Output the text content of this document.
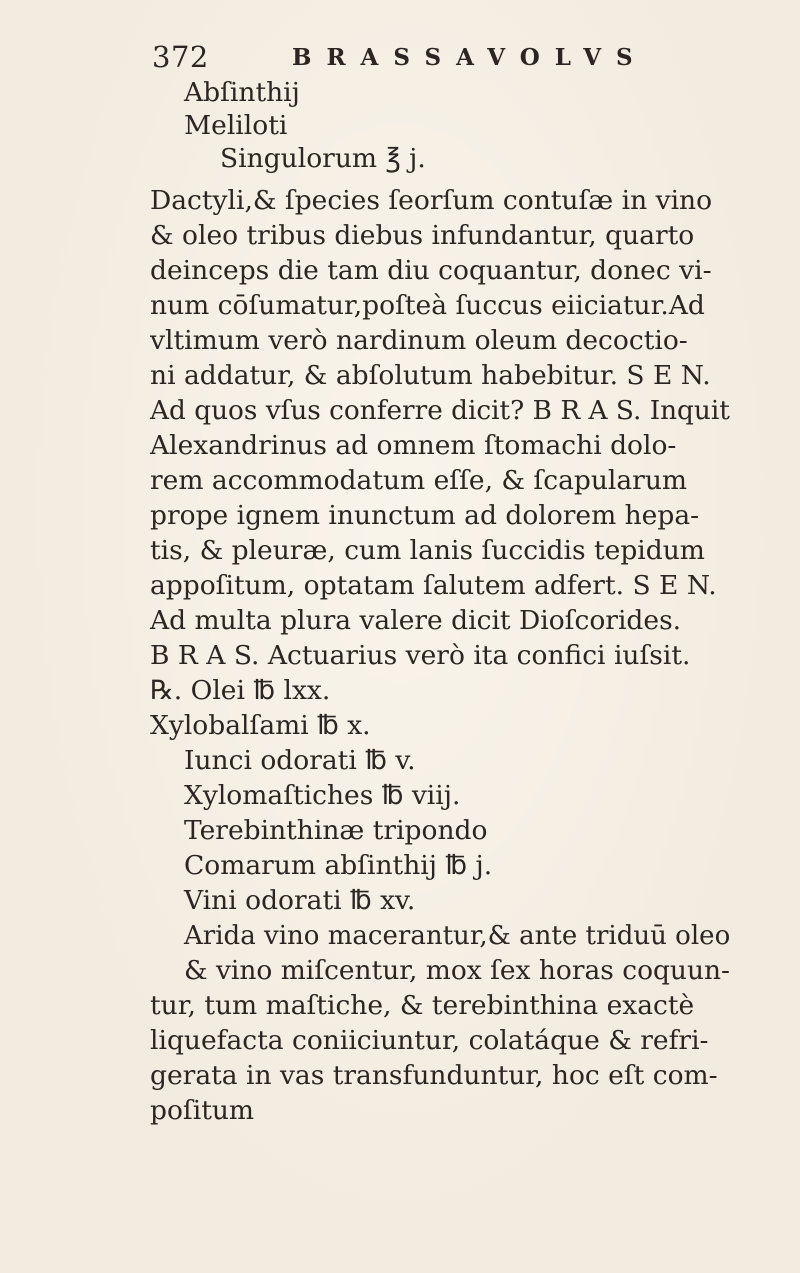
372	BRASSAVOLVS
Abſinthij
Meliloti
Singulorum ℥ j.
Dactyli,& ſpecies ſeorſum contuſæ in vino
& oleo tribus diebus infundantur, quarto
deinceps die tam diu coquantur, donec vi-
num cōſumatur,poſteà ſuccus eiiciatur.Ad
vltimum verò nardinum oleum decoctio-
ni addatur, & abſolutum habebitur. S E N.
Ad quos vſus conferre dicit? B R A S. Inquit
Alexandrinus ad omnem ſtomachi dolo-
rem accommodatum eſſe, & ſcapularum
prope ignem inunctum ad dolorem hepa-
tis, & pleuræ, cum lanis ſuccidis tepidum
appoſitum, optatam ſalutem adfert. S E N.
Ad multa plura valere dicit Dioſcorides.
B R A S. Actuarius verò ita confici iuſsit.
℞. Olei ℔ lxx.
Xylobalſami ℔ x.
Iunci odorati ℔ v.
Xylomaſtiches ℔ viij.
Terebinthinæ tripondo
Comarum abſinthij ℔ j.
Vini odorati ℔ xv.
Arida vino macerantur,& ante triduū oleo
& vino miſcentur, mox ſex horas coquun-
tur, tum maſtiche, & terebinthina exactè
liquefacta coniiciuntur, colatáque & refri-
gerata in vas transfunduntur, hoc eſt com-
poſitum
